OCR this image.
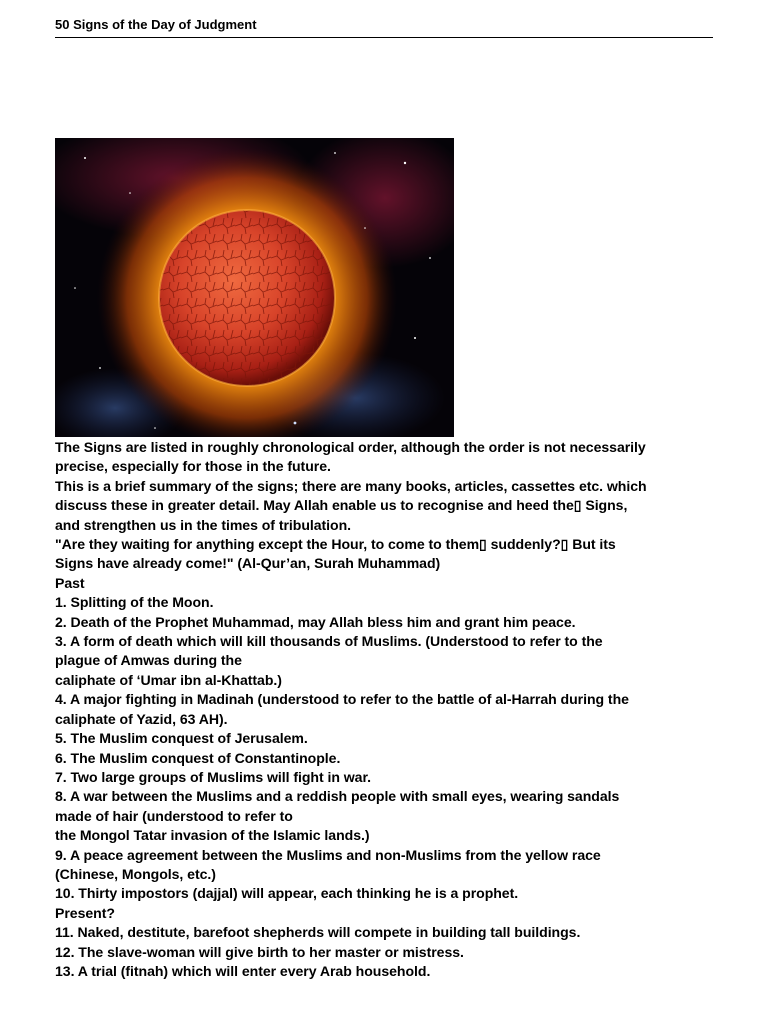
50 Signs of the Day of Judgment

The Signs are listed in roughly chronological order, although the order is not necessarily

precise, especially for those in the future.

This is a brief summary of the signs; there are many books, articles, cassettes etc. which

discuss these in greater detail. May Allah enable us to recognise and heed the▯ Signs,

and strengthen us in the times of tribulation.

"Are they waiting for anything except the Hour, to come to them▯ suddenly?▯ But its

Signs have already come!" (Al-Qur’an, Surah Muhammad)

Past

1. Splitting of the Moon.

2. Death of the Prophet Muhammad, may Allah bless him and grant him peace.

3. A form of death which will kill thousands of Muslims. (Understood to refer to the

plague of Amwas during the

caliphate of ‘Umar ibn al-Khattab.)

4. A major fighting in Madinah (understood to refer to the battle of al-Harrah during the

caliphate of Yazid, 63 AH).

5. The Muslim conquest of Jerusalem.

6. The Muslim conquest of Constantinople.

7. Two large groups of Muslims will fight in war.

8. A war between the Muslims and a reddish people with small eyes, wearing sandals

made of hair (understood to refer to

the Mongol Tatar invasion of the Islamic lands.)

9. A peace agreement between the Muslims and non-Muslims from the yellow race

(Chinese, Mongols, etc.)

10. Thirty impostors (dajjal) will appear, each thinking he is a prophet.

Present?

11. Naked, destitute, barefoot shepherds will compete in building tall buildings.

12. The slave-woman will give birth to her master or mistress.

13. A trial (fitnah) which will enter every Arab household.
